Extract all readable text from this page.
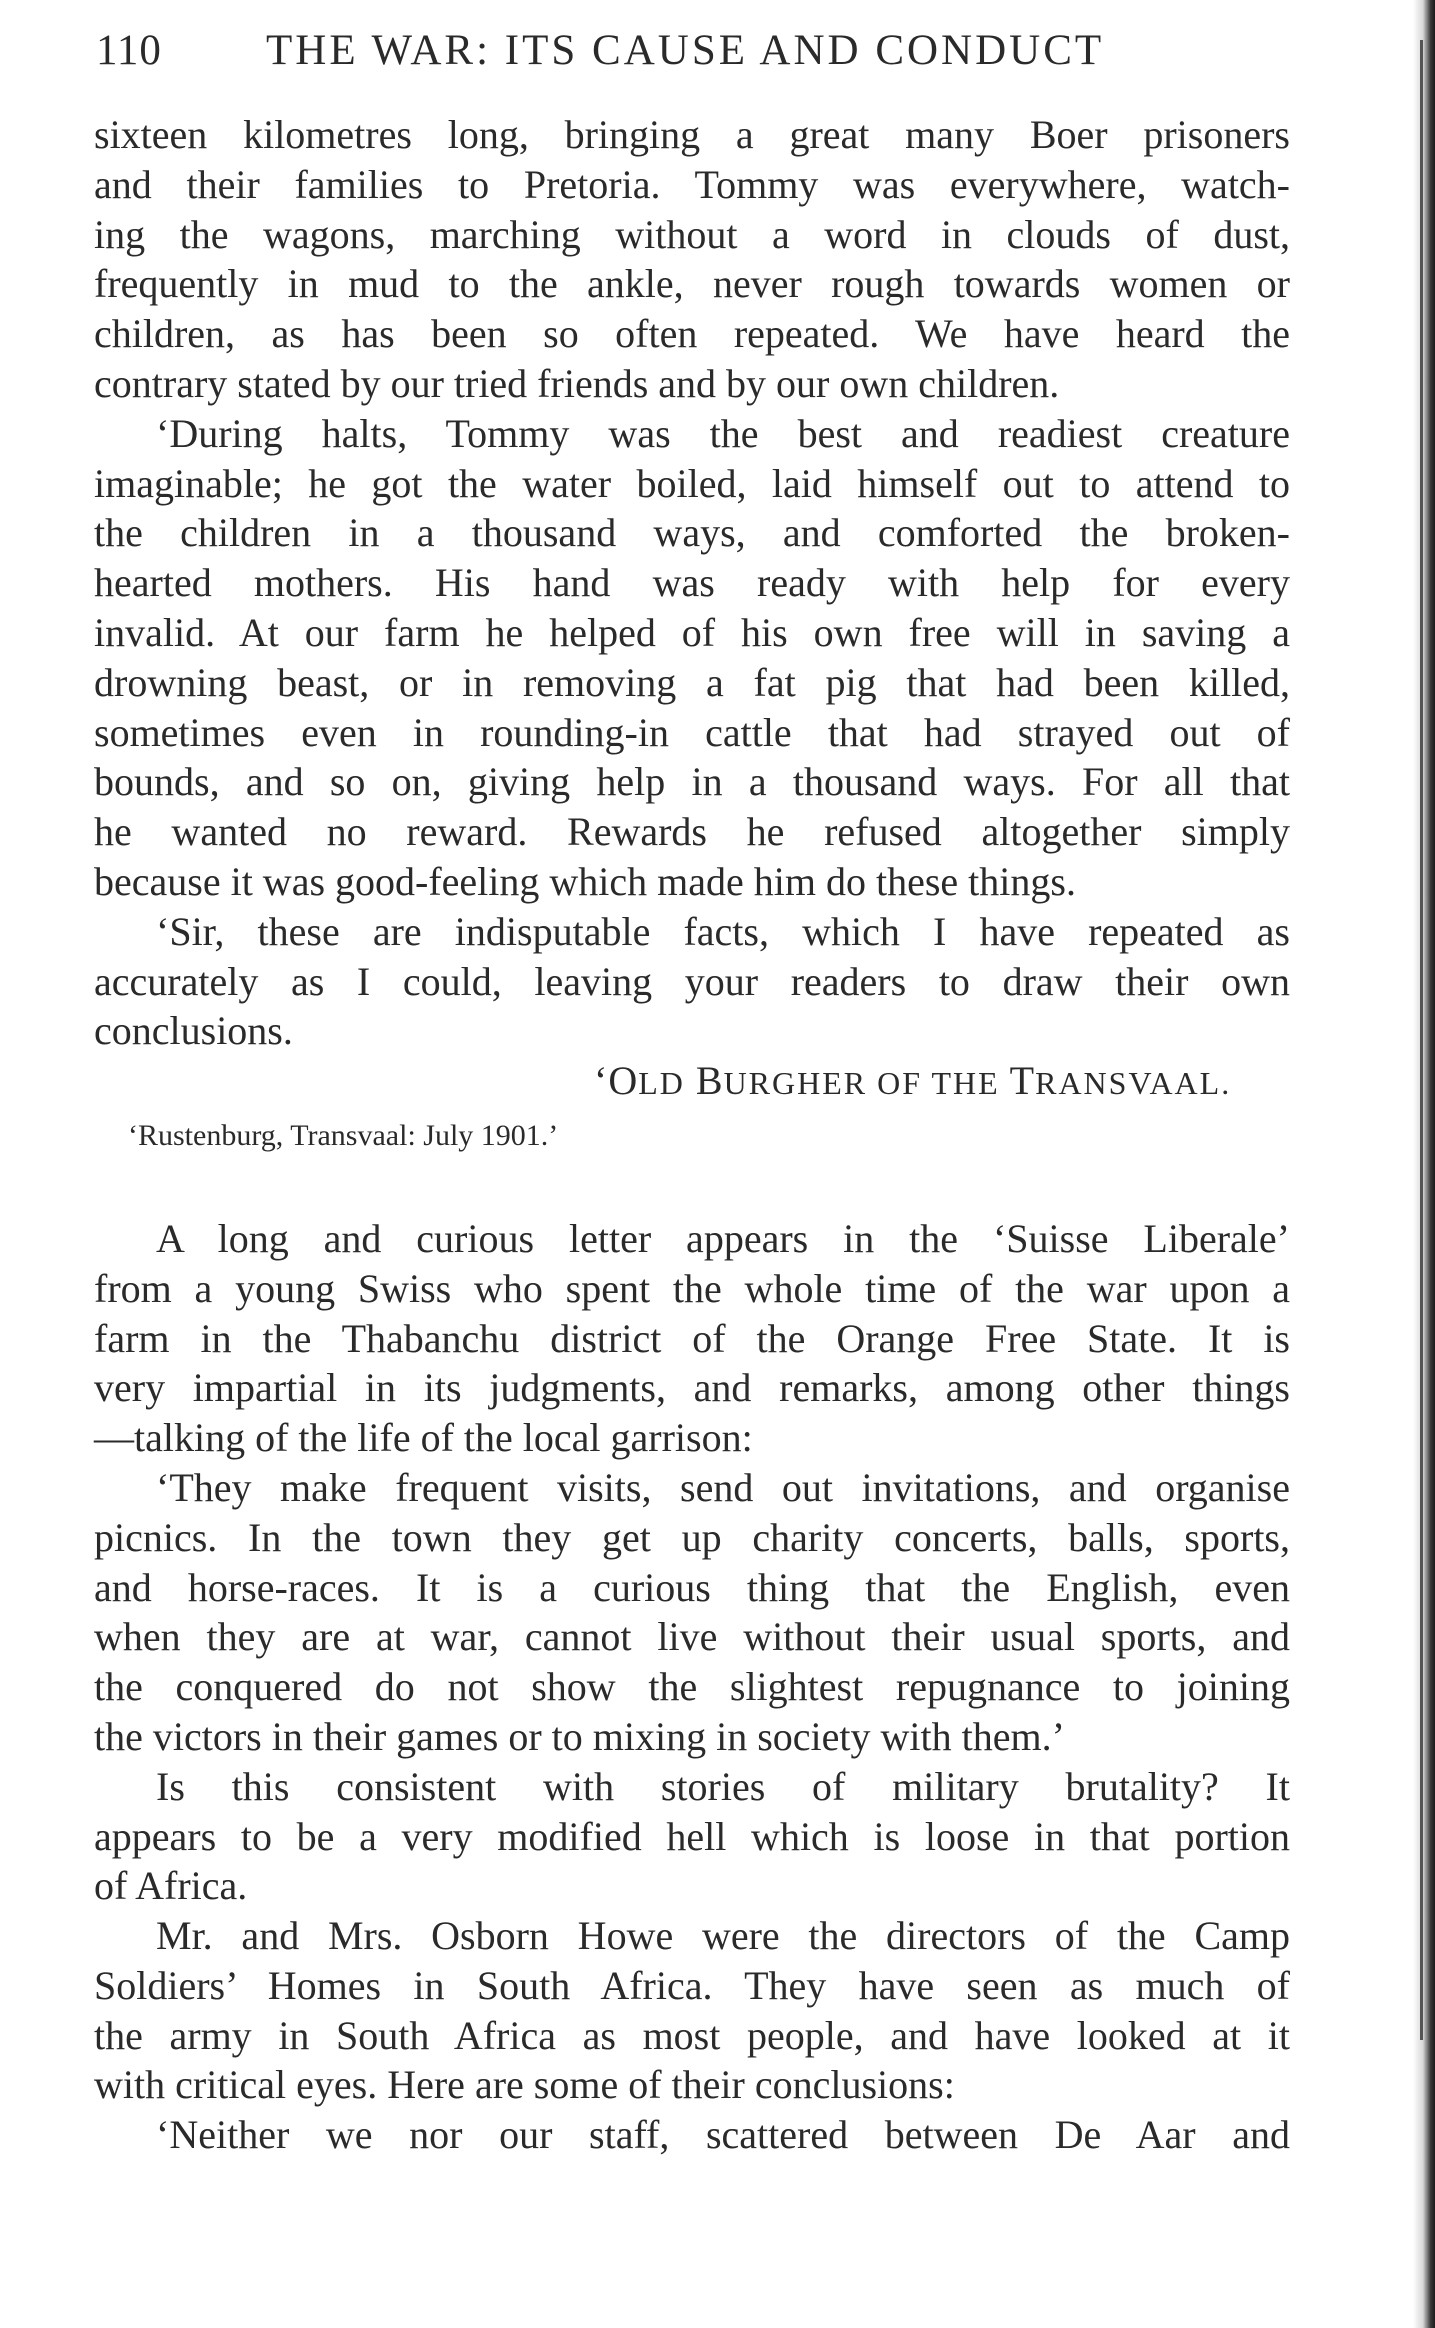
110 THE WAR: ITS CAUSE AND CONDUCT
sixteen kilometres long, bringing a great many Boer prisoners
and their families to Pretoria. Tommy was everywhere, watch-
ing the wagons, marching without a word in clouds of dust,
frequently in mud to the ankle, never rough towards women or
children, as has been so often repeated. We have heard the
contrary stated by our tried friends and by our own children.
‘During halts, Tommy was the best and readiest creature
imaginable; he got the water boiled, laid himself out to attend to
the children in a thousand ways, and comforted the broken-
hearted mothers. His hand was ready with help for every
invalid. At our farm he helped of his own free will in saving a
drowning beast, or in removing a fat pig that had been killed,
sometimes even in rounding-in cattle that had strayed out of
bounds, and so on, giving help in a thousand ways. For all that
he wanted no reward. Rewards he refused altogether simply
because it was good-feeling which made him do these things.
‘Sir, these are indisputable facts, which I have repeated as
accurately as I could, leaving your readers to draw their own
conclusions.
‘OLD BURGHER OF THE TRANSVAAL.
‘Rustenburg, Transvaal: July 1901.’
A long and curious letter appears in the ‘Suisse Liberale’
from a young Swiss who spent the whole time of the war upon a
farm in the Thabanchu district of the Orange Free State. It is
very impartial in its judgments, and remarks, among other things
—talking of the life of the local garrison:
‘They make frequent visits, send out invitations, and organise
picnics. In the town they get up charity concerts, balls, sports,
and horse-races. It is a curious thing that the English, even
when they are at war, cannot live without their usual sports, and
the conquered do not show the slightest repugnance to joining
the victors in their games or to mixing in society with them.’
Is this consistent with stories of military brutality? It
appears to be a very modified hell which is loose in that portion
of Africa.
Mr. and Mrs. Osborn Howe were the directors of the Camp
Soldiers’ Homes in South Africa. They have seen as much of
the army in South Africa as most people, and have looked at it
with critical eyes. Here are some of their conclusions:
‘Neither we nor our staff, scattered between De Aar and
